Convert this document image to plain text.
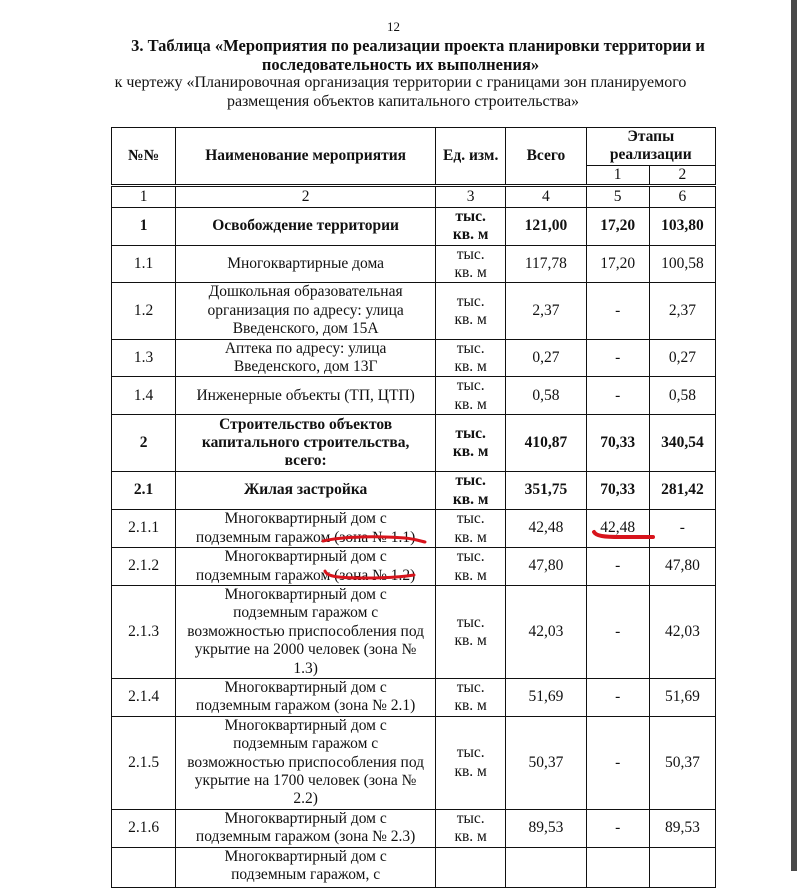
12
3. Таблица «Мероприятия по реализации проекта планировки территории и
последовательность их выполнения»
к чертежу «Планировочная организация территории с границами зон планируемого
размещения объектов капитального строительства»
№№	Наименование мероприятия	Ед. изм.	Всего	Этапы реализации	
				1	2
1	2	3	4	5	6
1	Освобождение территории	тыс.
кв. м	121,00	17,20	103,80
1.1	Многоквартирные дома	тыс.
кв. м	117,78	17,20	100,58
1.2	Дошкольная образовательная
организация по адресу: улица
Введенского, дом 15А	тыс.
кв. м	2,37	-	2,37
1.3	Аптека по адресу: улица
Введенского, дом 13Г	тыс.
кв. м	0,27	-	0,27
1.4	Инженерные объекты (ТП, ЦТП)	тыс.
кв. м	0,58	-	0,58
2	Строительство объектов
капитального строительства,
всего:	тыс.
кв. м	410,87	70,33	340,54
2.1	Жилая застройка	тыс.
кв. м	351,75	70,33	281,42
2.1.1	Многоквартирный дом с
подземным гаражом (зона № 1.1)	тыс.
кв. м	42,48	42,48	-
2.1.2	Многоквартирный дом с
подземным гаражом (зона № 1.2)	тыс.
кв. м	47,80	-	47,80
2.1.3	Многоквартирный дом с
подземным гаражом с
возможностью приспособления под
укрытие на 2000 человек (зона №
1.3)	тыс.
кв. м	42,03	-	42,03
2.1.4	Многоквартирный дом с
подземным гаражом (зона № 2.1)	тыс.
кв. м	51,69	-	51,69
2.1.5	Многоквартирный дом с
подземным гаражом с
возможностью приспособления под
укрытие на 1700 человек (зона №
2.2)	тыс.
кв. м	50,37	-	50,37
2.1.6	Многоквартирный дом с
подземным гаражом (зона № 2.3)	тыс.
кв. м	89,53	-	89,53

	Многоквартирный дом с
подземным гаражом, с				
